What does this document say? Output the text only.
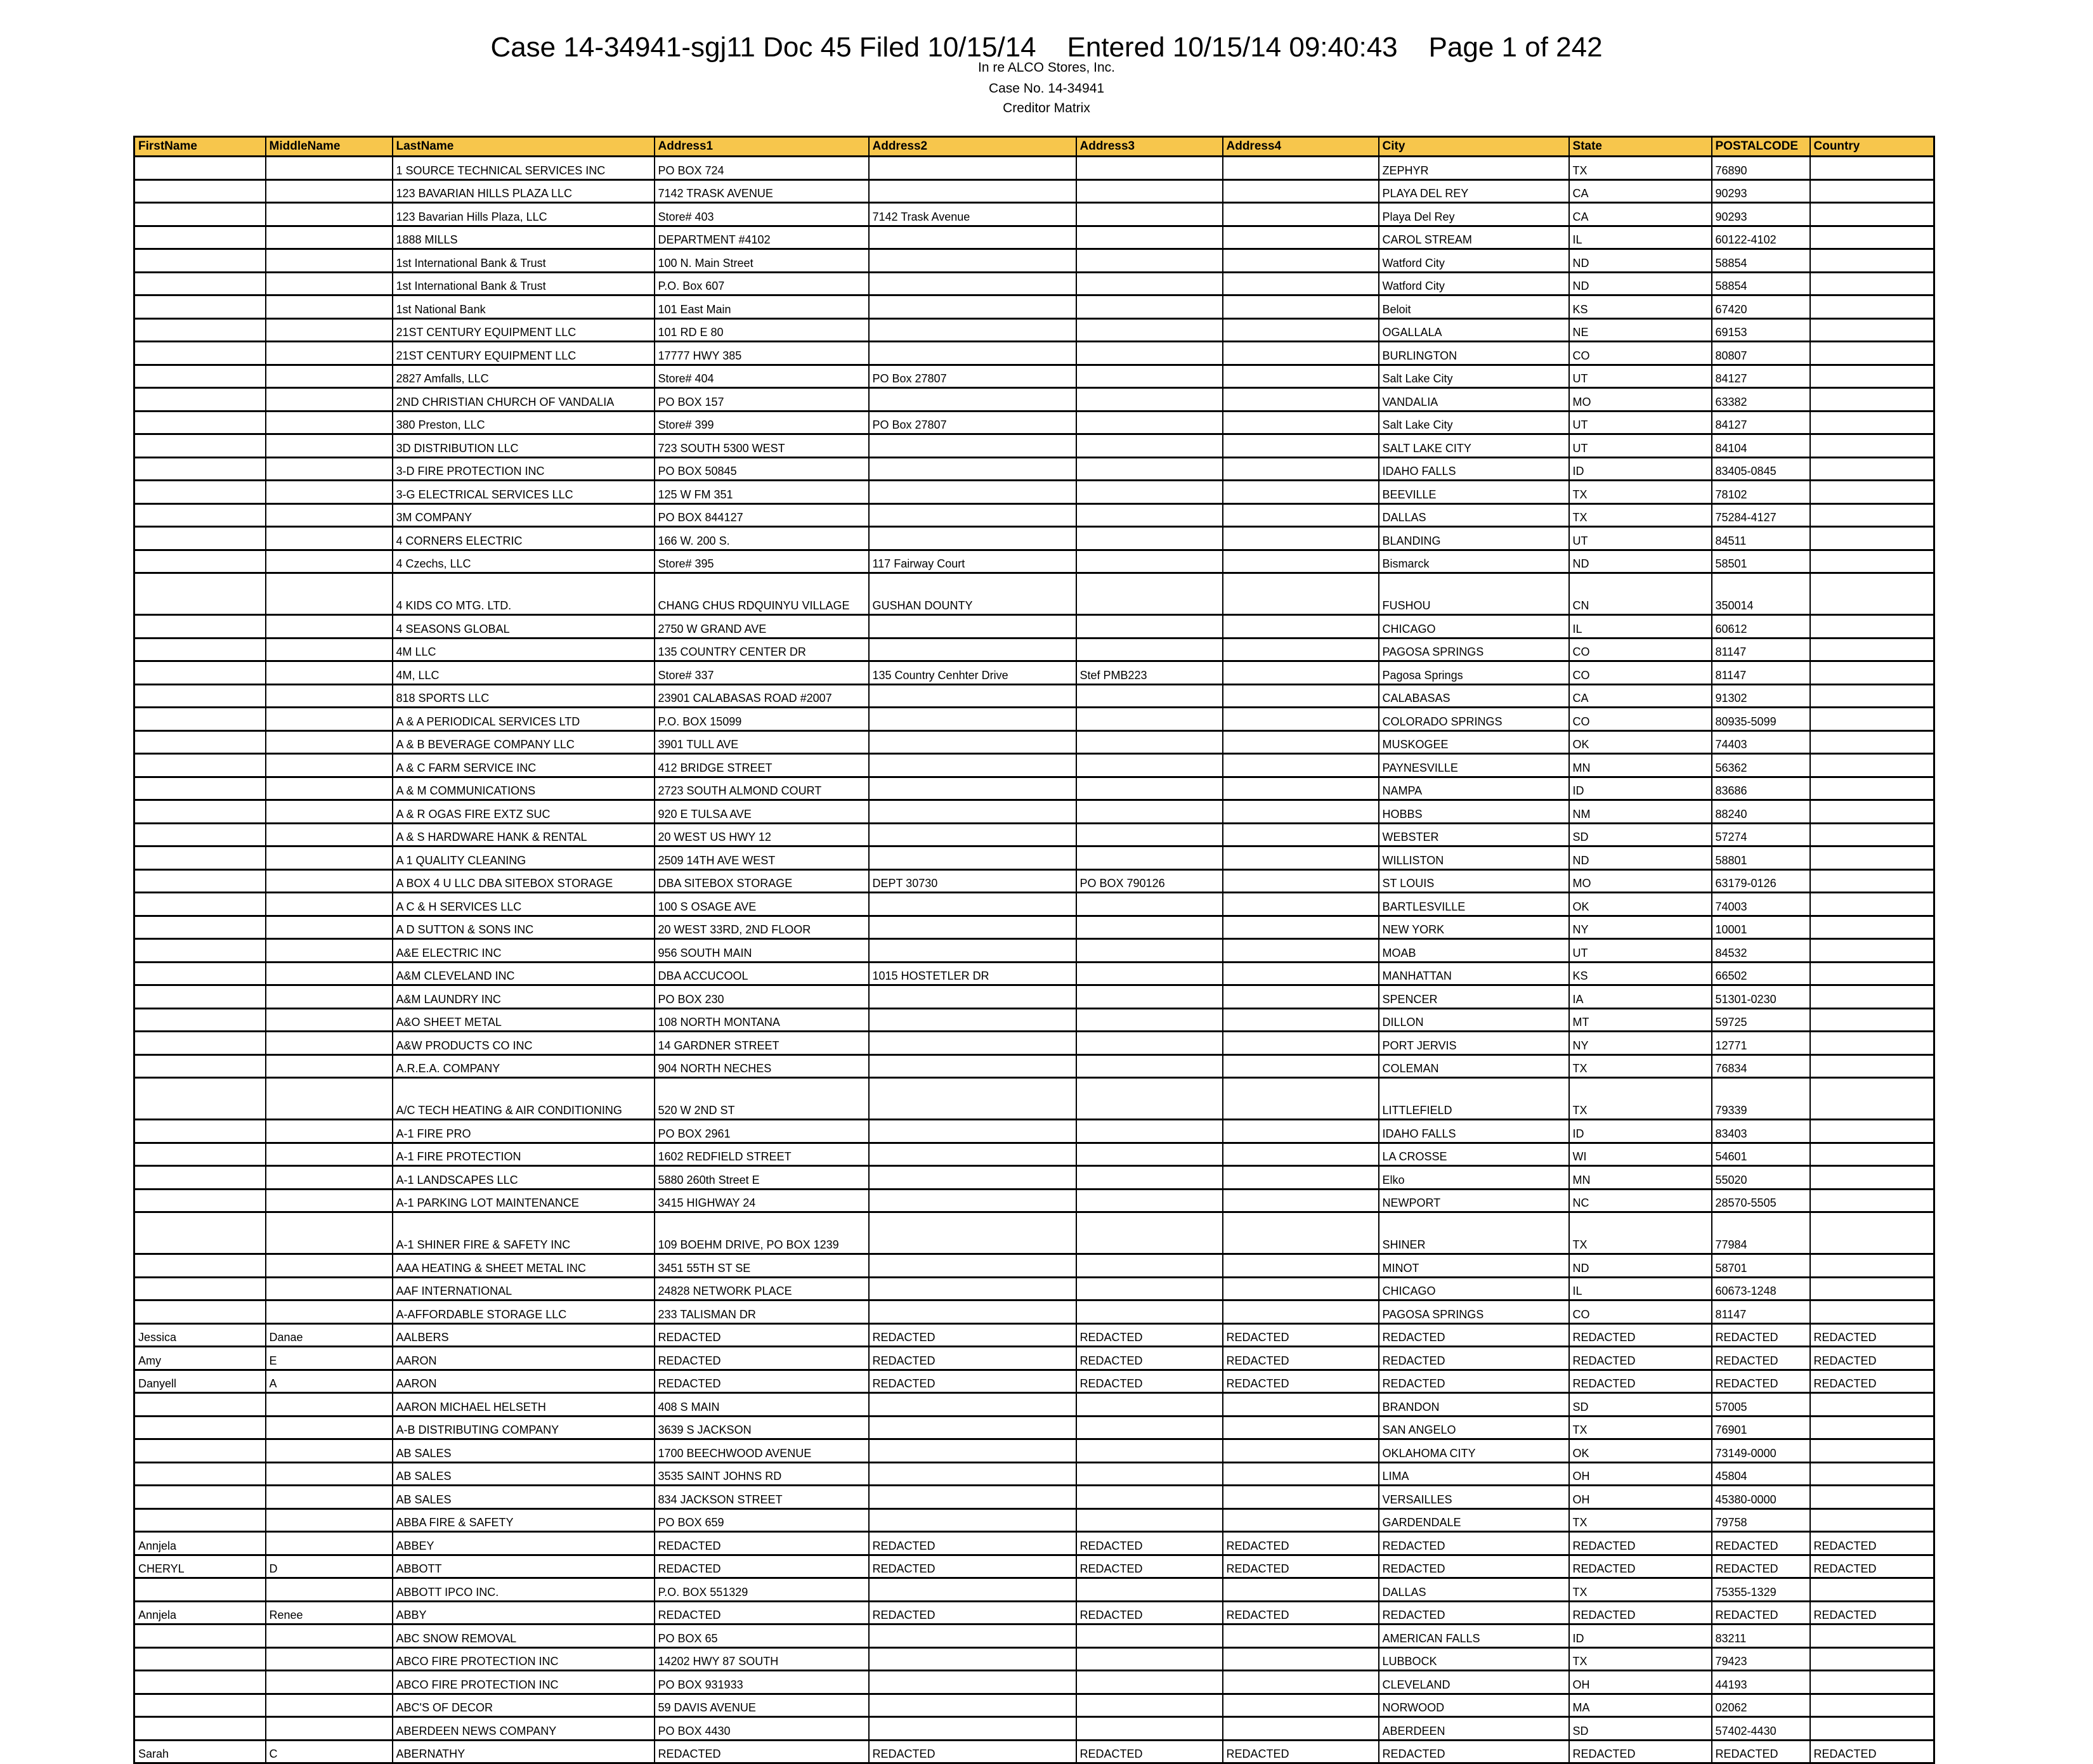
Case 14-34941-sgj11 Doc 45 Filed 10/15/14    Entered 10/15/14 09:40:43    Page 1 of 242
In re ALCO Stores, Inc.
Case No. 14-34941
Creditor Matrix
FirstName	MiddleName	LastName	Address1	Address2	Address3	Address4	City	State	POSTALCODE	Country
		1 SOURCE TECHNICAL SERVICES INC	PO BOX 724				ZEPHYR	TX	76890	
		123 BAVARIAN HILLS PLAZA LLC	7142 TRASK AVENUE				PLAYA DEL REY	CA	90293	
		123 Bavarian Hills Plaza, LLC	Store# 403	7142 Trask Avenue			Playa Del Rey	CA	90293	
		1888 MILLS	DEPARTMENT #4102				CAROL STREAM	IL	60122-4102	
		1st International Bank & Trust	100 N. Main Street				Watford City	ND	58854	
		1st International Bank & Trust	P.O. Box 607				Watford City	ND	58854	
		1st National Bank	101 East Main				Beloit	KS	67420	
		21ST CENTURY EQUIPMENT LLC	101 RD E 80				OGALLALA	NE	69153	
		21ST CENTURY EQUIPMENT LLC	17777 HWY 385				BURLINGTON	CO	80807	
		2827 Amfalls, LLC	Store# 404	PO Box 27807			Salt Lake City	UT	84127	
		2ND CHRISTIAN CHURCH OF VANDALIA	PO BOX 157				VANDALIA	MO	63382	
		380 Preston, LLC	Store# 399	PO Box 27807			Salt Lake City	UT	84127	
		3D DISTRIBUTION LLC	723 SOUTH 5300 WEST				SALT LAKE CITY	UT	84104	
		3-D FIRE PROTECTION INC	PO BOX 50845				IDAHO FALLS	ID	83405-0845	
		3-G ELECTRICAL SERVICES LLC	125 W FM 351				BEEVILLE	TX	78102	
		3M COMPANY	PO BOX 844127				DALLAS	TX	75284-4127	
		4 CORNERS ELECTRIC	166 W. 200 S.				BLANDING	UT	84511	
		4 Czechs, LLC	Store# 395	117 Fairway Court			Bismarck	ND	58501	
		4 KIDS CO MTG. LTD.	CHANG CHUS RDQUINYU VILLAGE	GUSHAN DOUNTY			FUSHOU	CN	350014	
		4 SEASONS GLOBAL	2750 W GRAND AVE				CHICAGO	IL	60612	
		4M LLC	135 COUNTRY CENTER DR				PAGOSA SPRINGS	CO	81147	
		4M, LLC	Store# 337	135 Country Cenhter Drive	Stef PMB223		Pagosa Springs	CO	81147	
		818 SPORTS LLC	23901 CALABASAS ROAD #2007				CALABASAS	CA	91302	
		A & A PERIODICAL SERVICES LTD	P.O. BOX 15099				COLORADO SPRINGS	CO	80935-5099	
		A & B BEVERAGE COMPANY LLC	3901 TULL AVE				MUSKOGEE	OK	74403	
		A & C FARM SERVICE INC	412 BRIDGE STREET				PAYNESVILLE	MN	56362	
		A & M COMMUNICATIONS	2723 SOUTH ALMOND COURT				NAMPA	ID	83686	
		A & R OGAS FIRE EXTZ SUC	920 E TULSA AVE				HOBBS	NM	88240	
		A & S HARDWARE HANK & RENTAL	20 WEST US HWY 12				WEBSTER	SD	57274	
		A 1 QUALITY CLEANING	2509 14TH AVE WEST				WILLISTON	ND	58801	
		A BOX 4 U LLC DBA SITEBOX STORAGE	DBA SITEBOX STORAGE	DEPT 30730	PO BOX 790126		ST LOUIS	MO	63179-0126	
		A C & H SERVICES LLC	100 S OSAGE AVE				BARTLESVILLE	OK	74003	
		A D SUTTON & SONS INC	20 WEST 33RD, 2ND FLOOR				NEW YORK	NY	10001	
		A&E ELECTRIC INC	956 SOUTH MAIN				MOAB	UT	84532	
		A&M CLEVELAND INC	DBA ACCUCOOL	1015 HOSTETLER DR			MANHATTAN	KS	66502	
		A&M LAUNDRY INC	PO BOX 230				SPENCER	IA	51301-0230	
		A&O SHEET METAL	108 NORTH MONTANA				DILLON	MT	59725	
		A&W PRODUCTS CO INC	14 GARDNER STREET				PORT JERVIS	NY	12771	
		A.R.E.A. COMPANY	904 NORTH NECHES				COLEMAN	TX	76834	
		A/C TECH HEATING & AIR CONDITIONING	520 W 2ND ST				LITTLEFIELD	TX	79339	
		A-1 FIRE PRO	PO BOX 2961				IDAHO FALLS	ID	83403	
		A-1 FIRE PROTECTION	1602 REDFIELD STREET				LA CROSSE	WI	54601	
		A-1 LANDSCAPES LLC	5880 260th Street E				Elko	MN	55020	
		A-1 PARKING LOT MAINTENANCE	3415 HIGHWAY 24				NEWPORT	NC	28570-5505	
		A-1 SHINER FIRE & SAFETY INC	109 BOEHM DRIVE, PO BOX 1239				SHINER	TX	77984	
		AAA HEATING & SHEET METAL INC	3451 55TH ST SE				MINOT	ND	58701	
		AAF INTERNATIONAL	24828 NETWORK PLACE				CHICAGO	IL	60673-1248	
		A-AFFORDABLE STORAGE LLC	233 TALISMAN DR				PAGOSA SPRINGS	CO	81147	
Jessica	Danae	AALBERS	REDACTED	REDACTED	REDACTED	REDACTED	REDACTED	REDACTED	REDACTED	REDACTED
Amy	E	AARON	REDACTED	REDACTED	REDACTED	REDACTED	REDACTED	REDACTED	REDACTED	REDACTED
Danyell	A	AARON	REDACTED	REDACTED	REDACTED	REDACTED	REDACTED	REDACTED	REDACTED	REDACTED
		AARON MICHAEL HELSETH	408 S MAIN				BRANDON	SD	57005	
		A-B DISTRIBUTING COMPANY	3639 S JACKSON				SAN ANGELO	TX	76901	
		AB SALES	1700 BEECHWOOD AVENUE				OKLAHOMA CITY	OK	73149-0000	
		AB SALES	3535 SAINT JOHNS RD				LIMA	OH	45804	
		AB SALES	834 JACKSON STREET				VERSAILLES	OH	45380-0000	
		ABBA FIRE & SAFETY	PO BOX 659				GARDENDALE	TX	79758	
Annjela		ABBEY	REDACTED	REDACTED	REDACTED	REDACTED	REDACTED	REDACTED	REDACTED	REDACTED
CHERYL	D	ABBOTT	REDACTED	REDACTED	REDACTED	REDACTED	REDACTED	REDACTED	REDACTED	REDACTED
		ABBOTT IPCO INC.	P.O. BOX 551329				DALLAS	TX	75355-1329	
Annjela	Renee	ABBY	REDACTED	REDACTED	REDACTED	REDACTED	REDACTED	REDACTED	REDACTED	REDACTED
		ABC SNOW REMOVAL	PO BOX 65				AMERICAN FALLS	ID	83211	
		ABCO FIRE PROTECTION INC	14202 HWY 87 SOUTH				LUBBOCK	TX	79423	
		ABCO FIRE PROTECTION INC	PO BOX 931933				CLEVELAND	OH	44193	
		ABC'S OF DECOR	59 DAVIS AVENUE				NORWOOD	MA	02062	
		ABERDEEN NEWS COMPANY	PO BOX 4430				ABERDEEN	SD	57402-4430	
Sarah	C	ABERNATHY	REDACTED	REDACTED	REDACTED	REDACTED	REDACTED	REDACTED	REDACTED	REDACTED
